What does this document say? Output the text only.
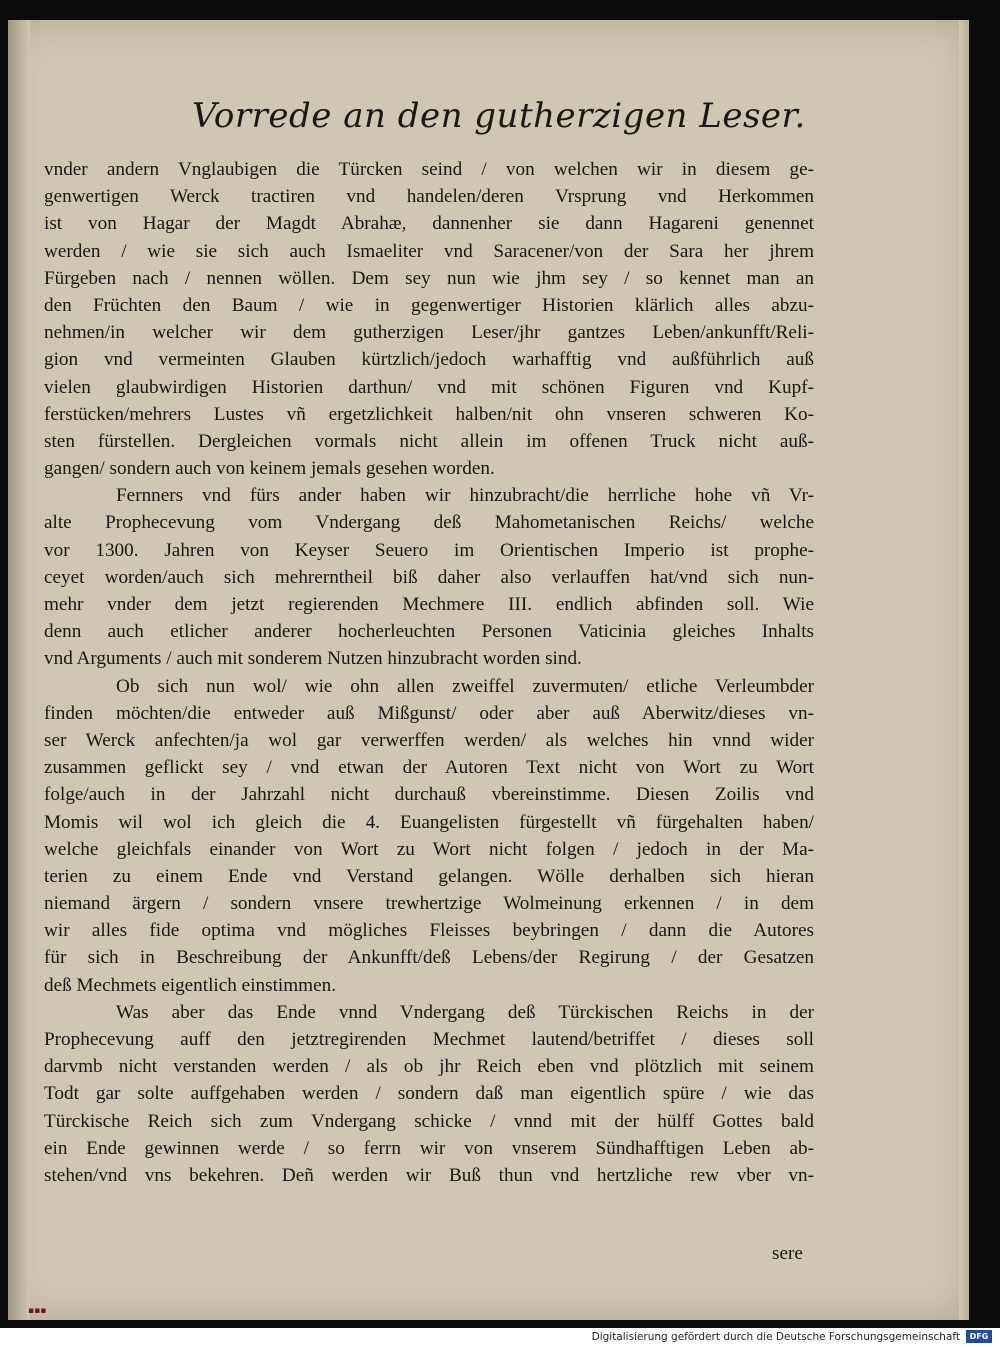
Vorrede an den gutherzigen Leser.
vnder andern Vnglaubigen die Türcken seind / von welchen wir in diesem ge-
genwertigen Werck tractiren vnd handelen/deren Vrsprung vnd Herkommen
ist von Hagar der Magdt Abrahæ, dannenher sie dann Hagareni genennet
werden / wie sie sich auch Ismaeliter vnd Saracener/von der Sara her jhrem
Fürgeben nach / nennen wöllen. Dem sey nun wie jhm sey / so kennet man an
den Früchten den Baum / wie in gegenwertiger Historien klärlich alles abzu-
nehmen/in welcher wir dem gutherzigen Leser/jhr gantzes Leben/ankunfft/Reli-
gion vnd vermeinten Glauben kürtzlich/jedoch warhafftig vnd außführlich auß
vielen glaubwirdigen Historien darthun/ vnd mit schönen Figuren vnd Kupf-
ferstücken/mehrers Lustes vñ ergetzlichkeit halben/nit ohn vnseren schweren Ko-
sten fürstellen. Dergleichen vormals nicht allein im offenen Truck nicht auß-
gangen/ sondern auch von keinem jemals gesehen worden.
Fernners vnd fürs ander haben wir hinzubracht/die herrliche hohe vñ Vr-
alte Prophecevung vom Vndergang deß Mahometanischen Reichs/ welche
vor 1300. Jahren von Keyser Seuero im Orientischen Imperio ist prophe-
ceyet worden/auch sich mehrerntheil biß daher also verlauffen hat/vnd sich nun-
mehr vnder dem jetzt regierenden Mechmere III. endlich abfinden soll. Wie
denn auch etlicher anderer hocherleuchten Personen Vaticinia gleiches Inhalts
vnd Arguments / auch mit sonderem Nutzen hinzubracht worden sind.
Ob sich nun wol/ wie ohn allen zweiffel zuvermuten/ etliche Verleumbder
finden möchten/die entweder auß Mißgunst/ oder aber auß Aberwitz/dieses vn-
ser Werck anfechten/ja wol gar verwerffen werden/ als welches hin vnnd wider
zusammen geflickt sey / vnd etwan der Autoren Text nicht von Wort zu Wort
folge/auch in der Jahrzahl nicht durchauß vbereinstimme. Diesen Zoilis vnd
Momis wil wol ich gleich die 4. Euangelisten fürgestellt vñ fürgehalten haben/
welche gleichfals einander von Wort zu Wort nicht folgen / jedoch in der Ma-
terien zu einem Ende vnd Verstand gelangen. Wölle derhalben sich hieran
niemand ärgern / sondern vnsere trewhertzige Wolmeinung erkennen / in dem
wir alles fide optima vnd mögliches Fleisses beybringen / dann die Autores
für sich in Beschreibung der Ankunfft/deß Lebens/der Regirung / der Gesatzen
deß Mechmets eigentlich einstimmen.
Was aber das Ende vnnd Vndergang deß Türckischen Reichs in der
Prophecevung auff den jetztregirenden Mechmet lautend/betriffet / dieses soll
darvmb nicht verstanden werden / als ob jhr Reich eben vnd plötzlich mit seinem
Todt gar solte auffgehaben werden / sondern daß man eigentlich spüre / wie das
Türckische Reich sich zum Vndergang schicke / vnnd mit der hülff Gottes bald
ein Ende gewinnen werde / so ferrn wir von vnserem Sündhafftigen Leben ab-
stehen/vnd vns bekehren. Deñ werden wir Buß thun vnd hertzliche rew vber vn-
sere
▪▪▪
Digitalisierung gefördert durch die Deutsche Forschungsgemeinschaft	DFG
